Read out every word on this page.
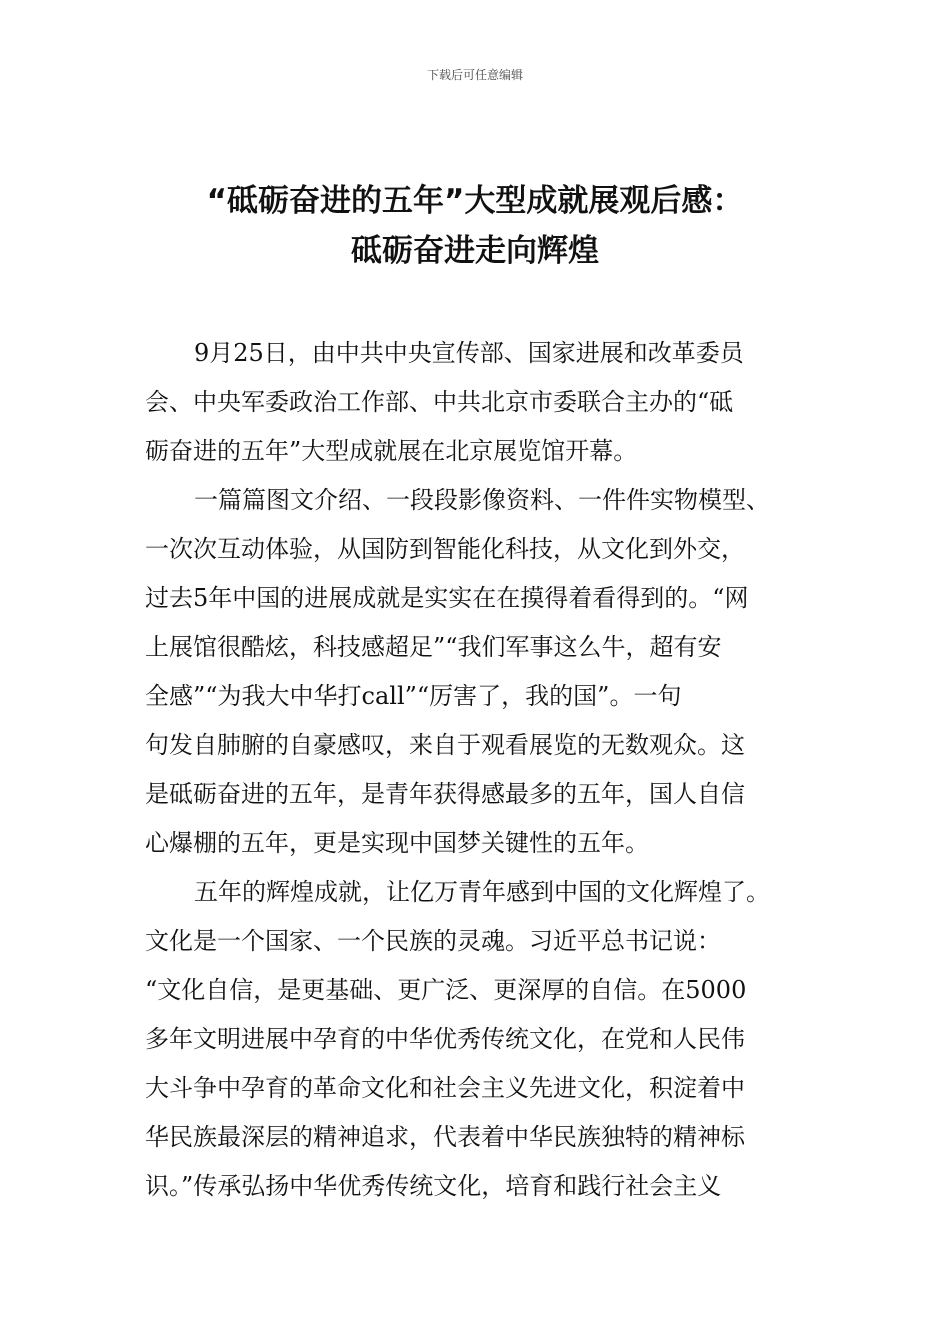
下载后可任意编辑
“砥砺奋进的五年”大型成就展观后感：
砥砺奋进走向辉煌
9月25日，由中共中央宣传部、国家进展和改革委员
会、中央军委政治工作部、中共北京市委联合主办的“砥
砺奋进的五年”大型成就展在北京展览馆开幕。
一篇篇图文介绍、一段段影像资料、一件件实物模型、
一次次互动体验，从国防到智能化科技，从文化到外交，
过去5年中国的进展成就是实实在在摸得着看得到的。“网
上展馆很酷炫，科技感超足”“我们军事这么牛，超有安
全感”“为我大中华打call”“厉害了，我的国”。一句
句发自肺腑的自豪感叹，来自于观看展览的无数观众。这
是砥砺奋进的五年，是青年获得感最多的五年，国人自信
心爆棚的五年，更是实现中国梦关键性的五年。
五年的辉煌成就，让亿万青年感到中国的文化辉煌了。
文化是一个国家、一个民族的灵魂。习近平总书记说：
“文化自信，是更基础、更广泛、更深厚的自信。在5000
多年文明进展中孕育的中华优秀传统文化，在党和人民伟
大斗争中孕育的革命文化和社会主义先进文化，积淀着中
华民族最深层的精神追求，代表着中华民族独特的精神标
识。”传承弘扬中华优秀传统文化，培育和践行社会主义
